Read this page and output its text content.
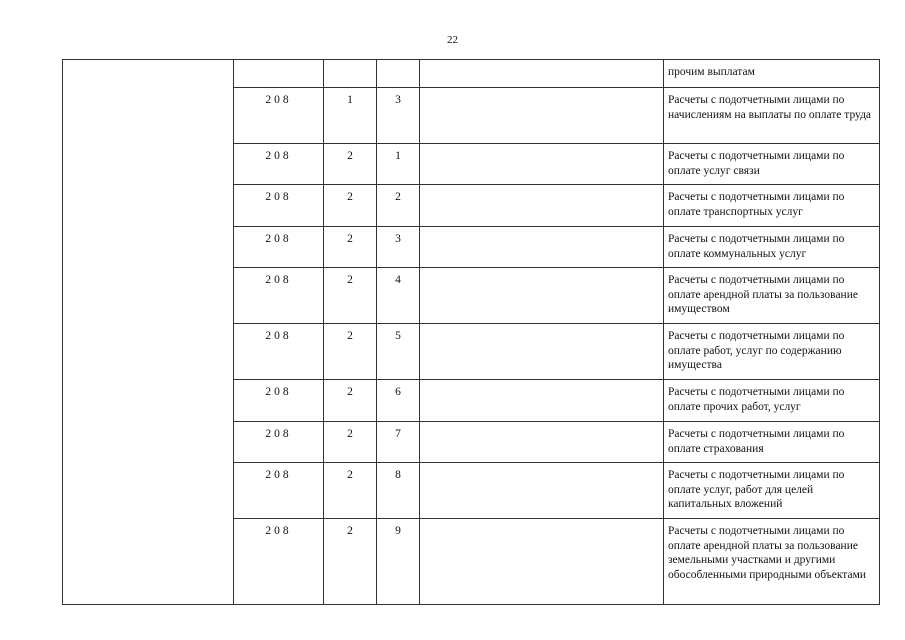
22
					прочим выплатам
	208	1	3		Расчеты с подотчетными лицами по начислениям на выплаты по оплате труда
	208	2	1		Расчеты с подотчетными лицами по оплате услуг связи
	208	2	2		Расчеты с подотчетными лицами по оплате транспортных услуг
	208	2	3		Расчеты с подотчетными лицами по оплате коммунальных услуг
	208	2	4		Расчеты с подотчетными лицами по оплате арендной платы за пользование имуществом
	208	2	5		Расчеты с подотчетными лицами по оплате работ, услуг по содержанию имущества
	208	2	6		Расчеты с подотчетными лицами по оплате прочих работ, услуг
	208	2	7		Расчеты с подотчетными лицами по оплате страхования
	208	2	8		Расчеты с подотчетными лицами по оплате услуг, работ для целей капитальных вложений
	208	2	9		Расчеты с подотчетными лицами по оплате арендной платы за пользование земельными участками и другими обособленными природными объектами
